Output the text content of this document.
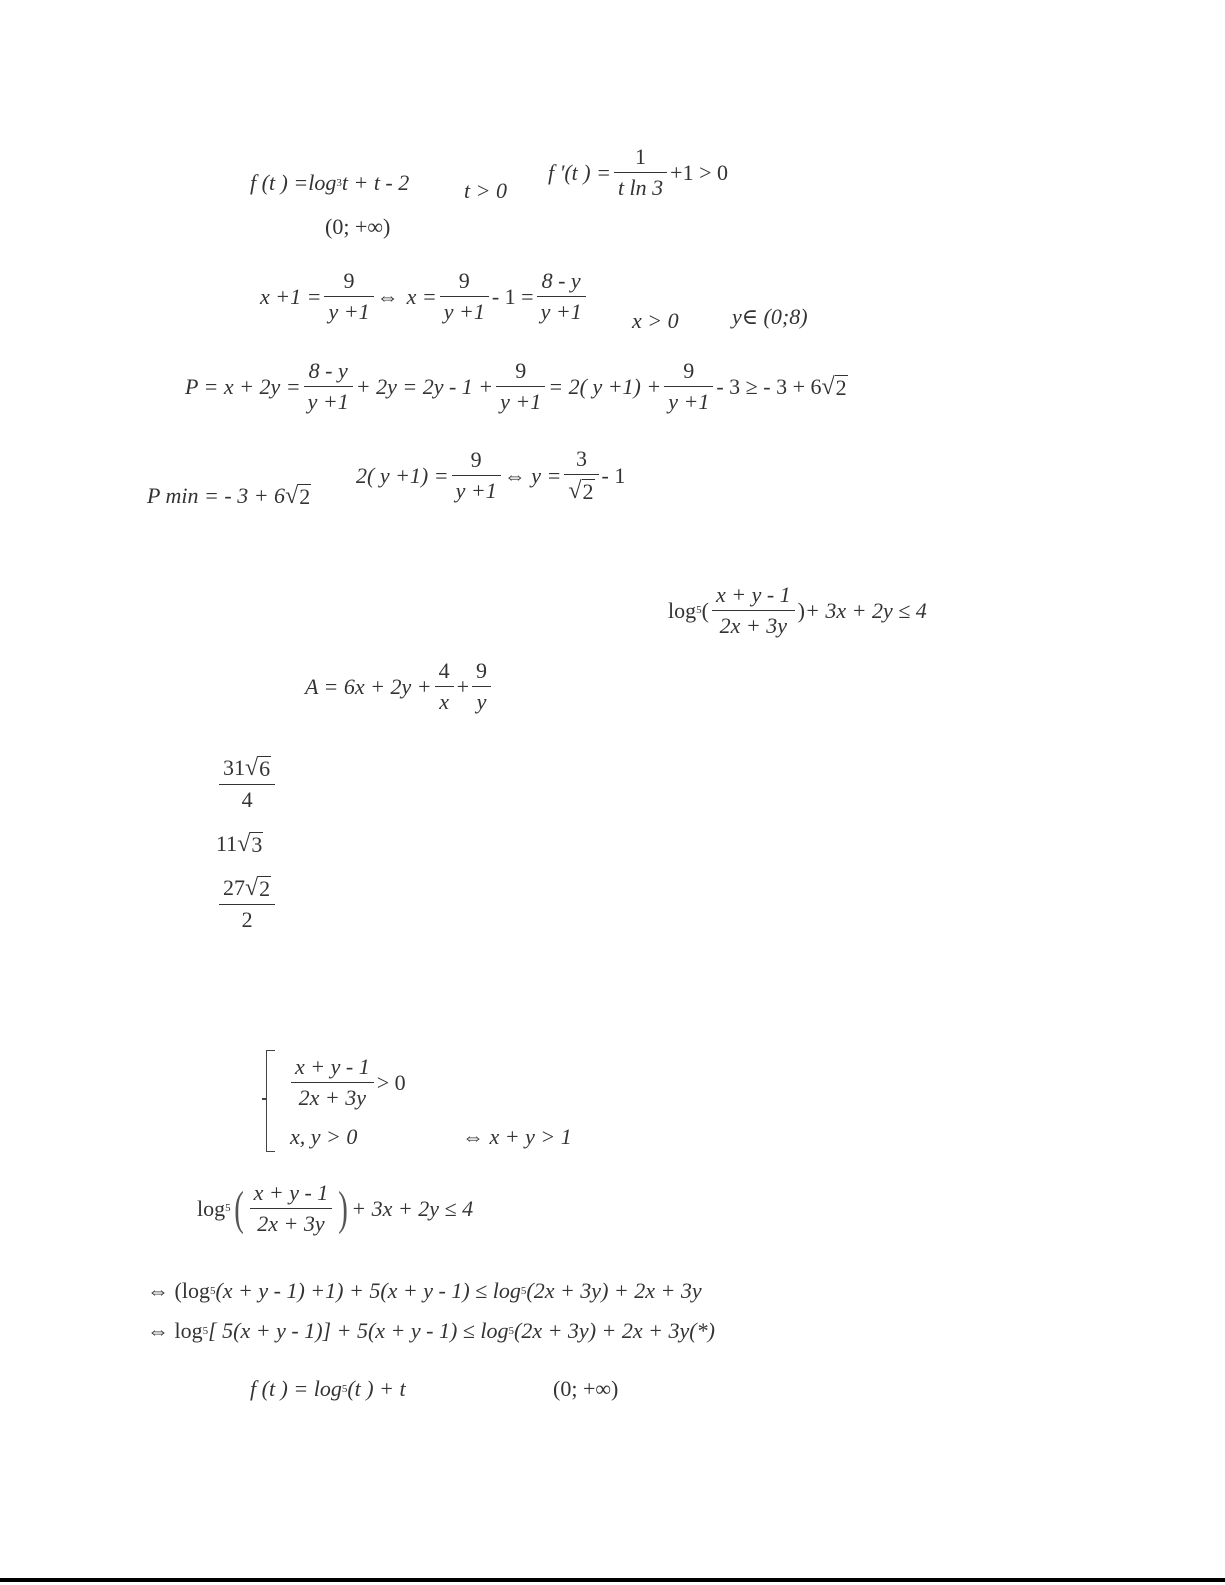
f (t ) = log 3 t + t - 2 t > 0
f '(t ) = $\frac{1}{\text{t ln 3}} +1 > 0$
(0; +∞)
$x +1 = \frac{9}{y +1}$ ⇔ $x = \frac{9}{y +1} - 1 = \frac{8 - y}{y +1}$ x > 0 y∈ (0;8)
$P = x + 2y = \frac{8 - y}{y +1} + 2y = 2y - 1 + \frac{9}{y +1} = 2$( $y +1) + \frac{9}{y +1} - 3$ ≥ - 3 + 6 √ 2
P min = - 3 + 6 √ 2
2( $y +1) = \frac{9}{y +1}$ ⇔ $y = \frac{3}{√ 2} - 1$
log 5 ( $\frac{x + y - 1}{2x + 3y}$ ) + 3x + 2y ≤ 4
$A = 6x + 2y + \frac{4}{x} + \frac{9}{y}$
$\frac{31 √ 6}{4}$
11 √ 3
$\frac{27 √ 2}{2}$
$\frac{x + y - 1}{2x + 3y} > 0$
x, y > 0	⇔ x + y > 1
log 5 ( $\frac{x + y - 1}{2x + 3y}$ ) + 3x + 2y ≤ 4
⇔ (log 5 (x + y - 1) +1) + 5(x + y - 1) ≤ log 5 (2x + 3y) + 2x + 3y
⇔ log 5 [ 5(x + y - 1)] + 5(x + y - 1) ≤ log 5 (2x + 3y) + 2x + 3y(*)
f (t ) = log 5 (t ) + t	(0; +∞)
